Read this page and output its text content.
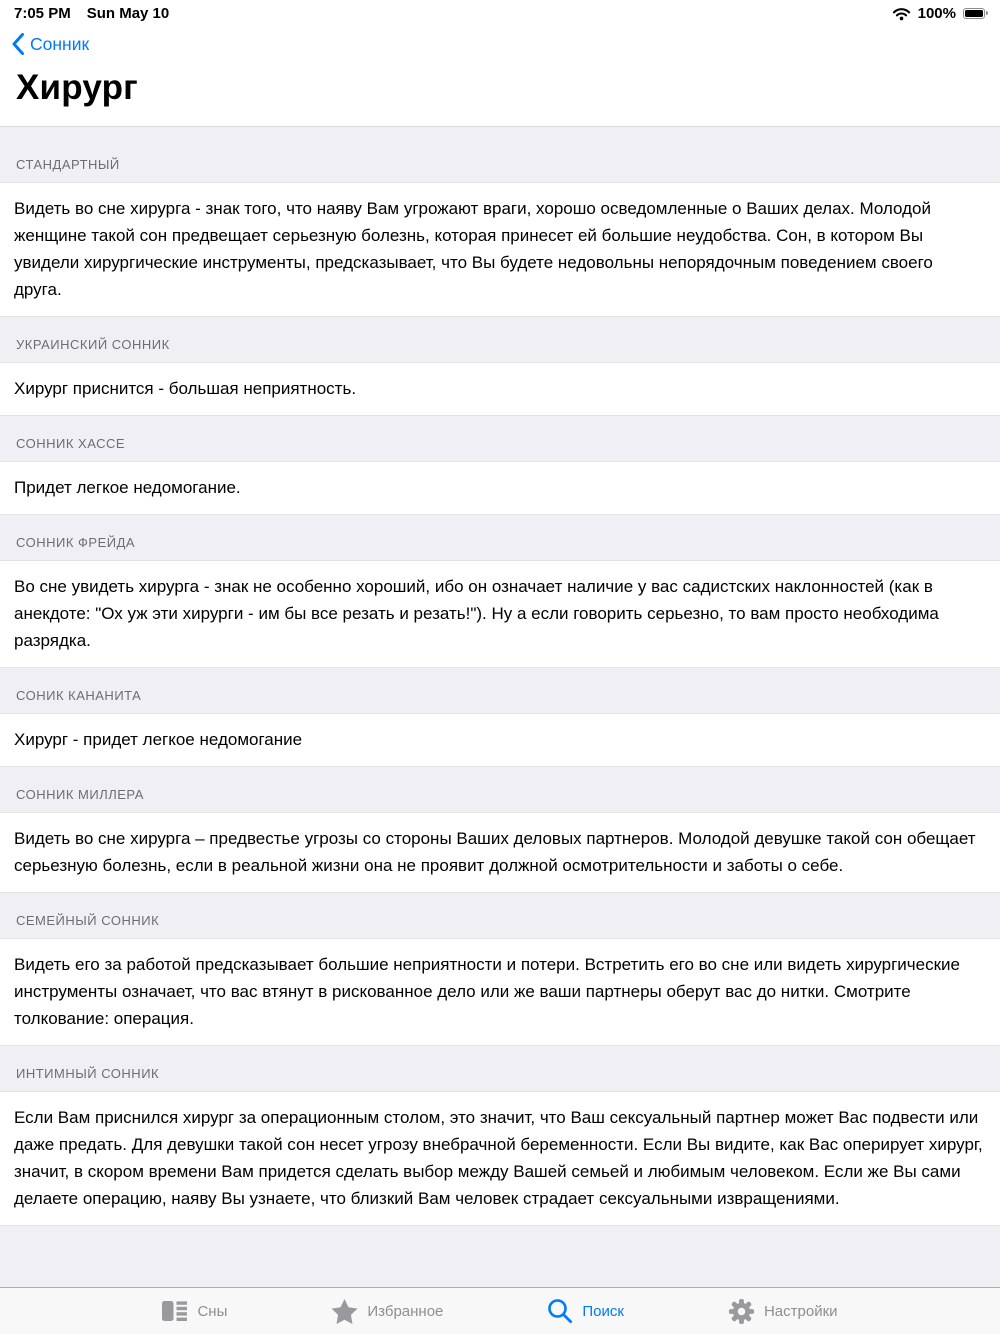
7:05 PM Sun May 10	100%
Сонник
Хирург
СТАНДАРТНЫЙ
Видеть во сне хирурга - знак того, что наяву Вам угрожают враги, хорошо осведомленные о Ваших делах. Молодой женщине такой сон предвещает серьезную болезнь, которая принесет ей большие неудобства. Сон, в котором Вы увидели хирургические инструменты, предсказывает, что Вы будете недовольны непорядочным поведением своего друга.
УКРАИНСКИЙ СОННИК
Хирург приснится - большая неприятность.
СОННИК ХАССЕ
Придет легкое недомогание.
СОННИК ФРЕЙДА
Во сне увидеть хирурга - знак не особенно хороший, ибо он означает наличие у вас садистских наклонностей (как в анекдоте: "Ох уж эти хирурги - им бы все резать и резать!"). Ну а если говорить серьезно, то вам просто необходима разрядка.
СОНИК КАНАНИТА
Хирург - придет легкое недомогание
СОННИК МИЛЛЕРА
Видеть во сне хирурга – предвестье угрозы со стороны Ваших деловых партнеров. Молодой девушке такой сон обещает серьезную болезнь, если в реальной жизни она не проявит должной осмотрительности и заботы о себе.
СЕМЕЙНЫЙ СОННИК
Видеть его за работой предсказывает большие неприятности и потери. Встретить его во сне или видеть хирургические инструменты означает, что вас втянут в рискованное дело или же ваши партнеры оберут вас до нитки. Смотрите толкование: операция.
ИНТИМНЫЙ СОННИК
Если Вам приснился хирург за операционным столом, это значит, что Ваш сексуальный партнер может Вас подвести или даже предать. Для девушки такой сон несет угрозу внебрачной беременности. Если Вы видите, как Вас оперирует хирург, значит, в скором времени Вам придется сделать выбор между Вашей семьей и любимым человеком. Если же Вы сами делаете операцию, наяву Вы узнаете, что близкий Вам человек страдает сексуальными извращениями.
Сны	Избранное	Поиск	Настройки
